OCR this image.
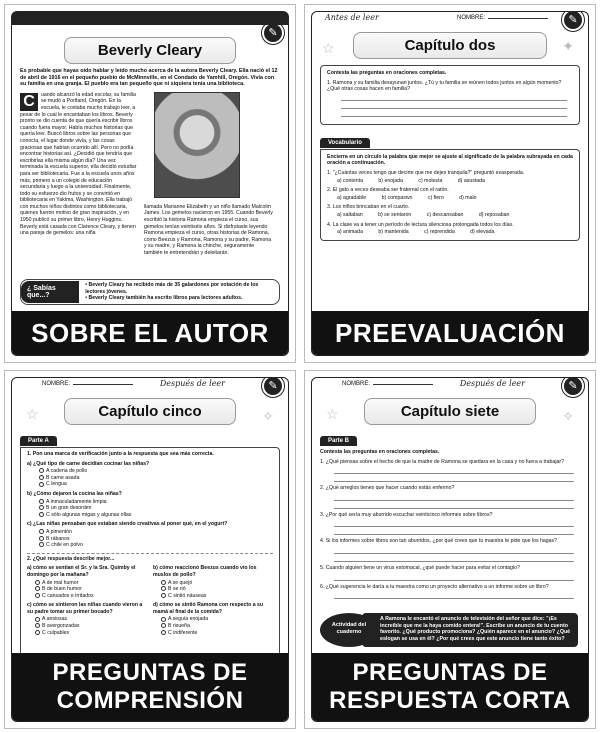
Cuadro de sucesos
✎
Beverly Cleary
Es probable que hayas oído hablar y leído mucho acerca de la autora Beverly Cleary. Ella nació el 12 de abril de 1916 en el pequeño pueblo de McMinnville, en el Condado de Yamhill, Oregón. Vivía con su familia en una granja. El pueblo era tan pequeño que ni siquiera tenía una biblioteca.
C	uando alcanzó la edad escolar, su familia se mudó a Portland, Oregón. En la escuela, le costaba mucho trabajo leer, a pesar de lo cual le encantaban los libros. Beverly pronto se dio cuenta de que quería escribir libros cuando fuera mayor. Había muchos historias que quería leer. Buscó libros sobre las personas que conocía, el lugar donde vivía, y las cosas graciosas que habían ocurrido allí. Pero no podía encontrar historias así. ¿Decidió que tendría que escribirlas ella misma algún día? Una vez terminada la escuela superior, ella decidió estudiar para ser bibliotecaria. Fue a la escuela unos años más, primero a un colegio de educación secundaria y luego a la universidad. Finalmente, todo su esfuerzo dio frutos y se convirtió en bibliotecaria en Yakima, Washington. Ella trabajó con muchos niños distintos como bibliotecaria, quienes fueron motivo de gran inspiración, y en 1950 publicó su primer libro, Henry Huggins. Beverly está casada con Clarence Cleary, y tienen una pareja de gemelos: una niña
llamada Marianne Elizabeth y un niño llamado Malcolm James. Los gemelos nacieron en 1955. Cuando Beverly escribió la historia Ramona empieza el curso, sus gemelos tenían veintiséis años. Si disfrutaste leyendo Ramona empieza el curso, otras historias de Ramona, como Beezus y Ramona, Ramona y su padre, Ramona y su madre, y Ramona la chinche, seguramente también te entretendrán y deleitarán.
¿ Sabías que...?
• Beverly Cleary ha recibido más de 35 galardones por votación de los lectores jóvenes.
• Beverly Cleary también ha escrito libros para lectores adultos.
SOBRE EL AUTOR
Antes de leer	NOMBRE:	✎
☆	✦
Capítulo dos
Contesta las preguntas en oraciones completas.
1. Ramona y su familia desayunan juntos. ¿Tú y tu familia se reúnen todos juntos en algún momento? ¿Qué otras cosas hacen en familia?
Vocabulario
Encierra en un círculo la palabra que mejor se ajuste al significado de la palabra subrayada en cada oración a continuación.
1. "¿Cuántas veces tengo que decirte que me dejes tranquila?" preguntó exasperada.
a) contenta	b) enojada	c) molesta	d) asustada
2. El gato a veces deseaba ser fraternal con el ratón.
a) agradable	b) compasivo	c) fiero	d) malo
3. Los niños brincaban en el cuarto.
a) saltaban	b) se sentaron	c) descansaban	d) reposaban
4. La clase va a tener un período de lectura silenciosa prolongada todos los días.
a) animada	b) mantenida	c) reprendida	d) elevada
PREEVALUACIÓN
NOMBRE:	Después de leer	✎
☆	✧
Capítulo cinco
Parte A
1. Pon una marca de verificación junto a la respuesta que sea más correcta.
a) ¿Qué tipo de carne decidían cocinar las niñas?
A cadena de pollo
B carne asada
C lengua
b) ¿Cómo dejaron la cocina las niñas?
A inmaculadamente limpia
B un gran desorden
C sólo algunas migas y algunas ollas
c) ¿Las niñas pensaban que estaban siendo creativas al poner qué, en el yogurt?
A pimentón
B rábanos
C chile en polvo
2. ¿Qué respuesta describe mejor...
a) cómo se sentían el Sr. y la Sra. Quimby el domingo por la mañana?
A de mal humor
B de buen humor
C cansados e irritados
b) cómo reaccionó Beezus cuando vio los muslos de pollo?
A se quejó
B se rió
C sintió náuseas
c) cómo se sintieron las niñas cuando vieron a su padre tomar su primer bocado?
A ansiosas
B avergonzadas
C culpables
d) cómo se sintió Ramona con respecto a su mamá al final de la comida?
A seguía enojada
B risueña
C indiferente
PREGUNTAS DE
COMPRENSIÓN
NOMBRE:	Después de leer	✎
☆	✧
Capítulo siete
Parte B
Contesta las preguntas en oraciones completas.
1. ¿Qué piensas sobre el hecho de que la madre de Ramona se quedara en la casa y no fuera a trabajar?
2. ¿Qué arreglos tienes que hacer cuando estás enfermo?
3. ¿Por qué sería muy aburrido escuchar veinticinco informes sobre libros?
4. Si los informes sobre libros son tan aburridos, ¿por qué crees que tu maestra te pide que los hagas?
5. Cuando alguien tiene un virus estomacal, ¿qué puede hacer para evitar el contagio?
6. ¿Qué sugerencia le daría a tu maestra como un proyecto alternativo a un informe sobre un libro?
A Ramona le encantó el anuncio de televisión del señor que dice: "¡Es increíble que me la haya comido entera!". Escribe un anuncio de tu cuento favorito. ¿Qué producto promociona? ¿Quién aparece en el anuncio? ¿Qué eslogan se usa en él? ¿Por qué crees que este anuncio tiene tanto éxito?
Actividad del cuaderno
PREGUNTAS DE
RESPUESTA CORTA
